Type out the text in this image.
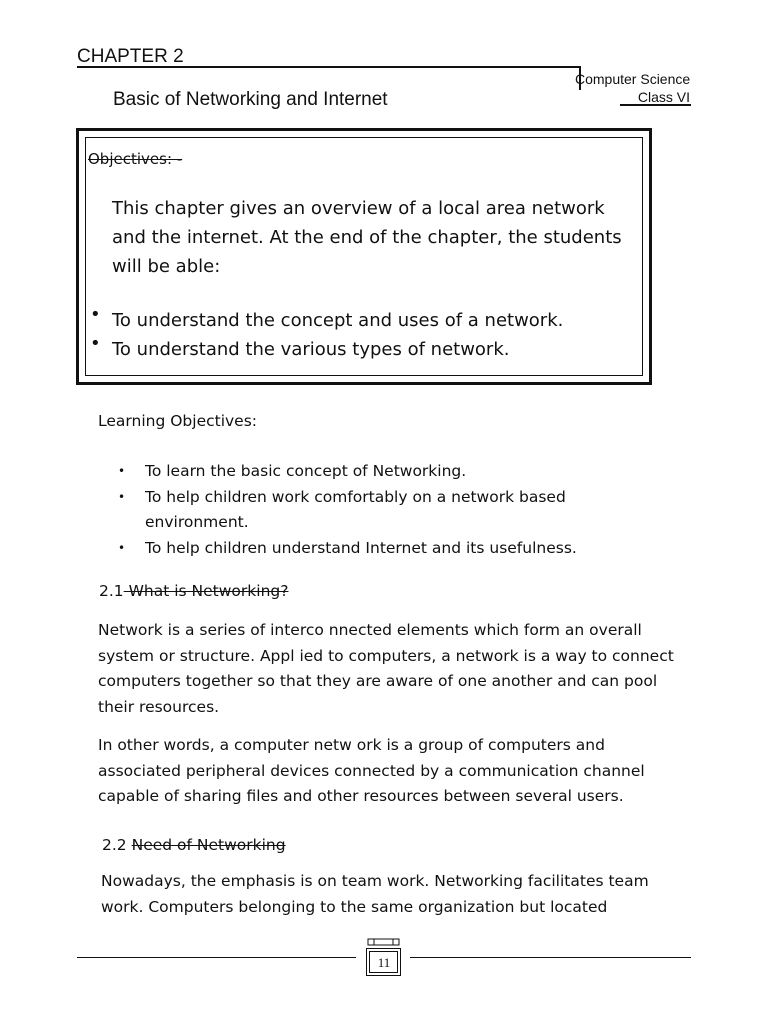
CHAPTER 2
Computer Science
Class VI
Basic of Networking and Internet
Objectives: -
This chapter gives an overview of a local area network and the internet. At the end of the chapter, the students will be able:
• To understand the concept and uses of a network.
• To understand the various types of network.
Learning Objectives:
• To learn the basic concept of Networking.
• To help children work comfortably on a network based environment.
• To help children understand Internet and its usefulness.
2.1 What is Networking?
Network is a series of interco nnected elements which form an overall system or structure. Appl ied to computers, a network is a way to connect computers together so that they are aware of one another and can pool their resources.
In other words, a computer netw ork is a group of computers and associated peripheral devices connected by a communication channel capable of sharing files and other resources between several users.
2.2 Need of Networking
Nowadays, the emphasis is on team work. Networking facilitates team work. Computers belonging to the same organization but located
11
